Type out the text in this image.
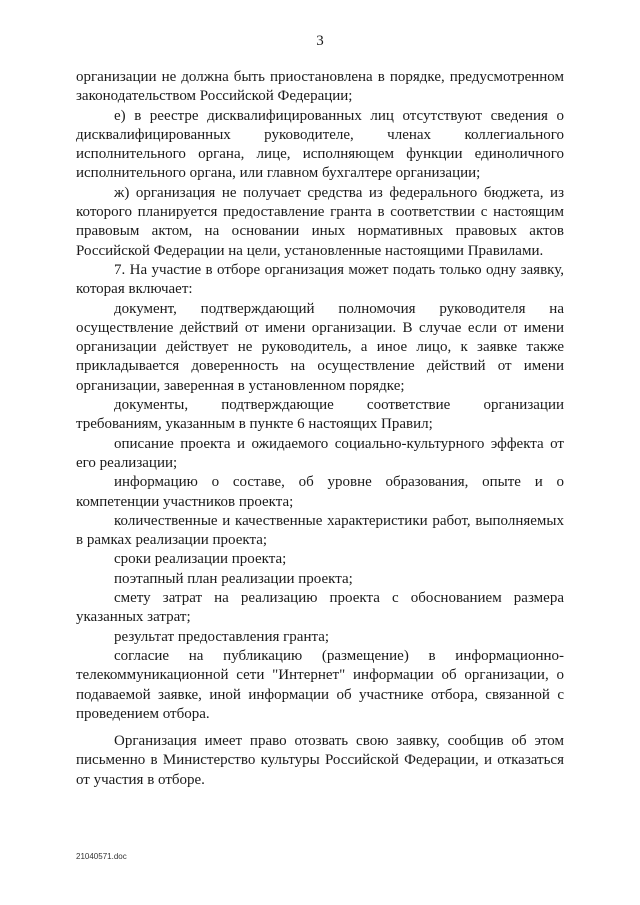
3

организации не должна быть приостановлена в порядке, предусмотренном законодательством Российской Федерации;

е) в реестре дисквалифицированных лиц отсутствуют сведения о дисквалифицированных руководителе, членах коллегиального исполнительного органа, лице, исполняющем функции единоличного исполнительного органа, или главном бухгалтере организации;

ж) организация не получает средства из федерального бюджета, из которого планируется предоставление гранта в соответствии с настоящим правовым актом, на основании иных нормативных правовых актов Российской Федерации на цели, установленные настоящими Правилами.

7. На участие в отборе организация может подать только одну заявку, которая включает:

документ, подтверждающий полномочия руководителя на осуществление действий от имени организации. В случае если от имени организации действует не руководитель, а иное лицо, к заявке также прикладывается доверенность на осуществление действий от имени организации, заверенная в установленном порядке;

документы, подтверждающие соответствие организации требованиям, указанным в пункте 6 настоящих Правил;

описание проекта и ожидаемого социально-культурного эффекта от его реализации;

информацию о составе, об уровне образования, опыте и о компетенции участников проекта;

количественные и качественные характеристики работ, выполняемых в рамках реализации проекта;

сроки реализации проекта;

поэтапный план реализации проекта;

смету затрат на реализацию проекта с обоснованием размера указанных затрат;

результат предоставления гранта;

согласие на публикацию (размещение) в информационно-телекоммуникационной сети "Интернет" информации об организации, о подаваемой заявке, иной информации об участнике отбора, связанной с проведением отбора.

Организация имеет право отозвать свою заявку, сообщив об этом письменно в Министерство культуры Российской Федерации, и отказаться от участия в отборе.

21040571.doc
